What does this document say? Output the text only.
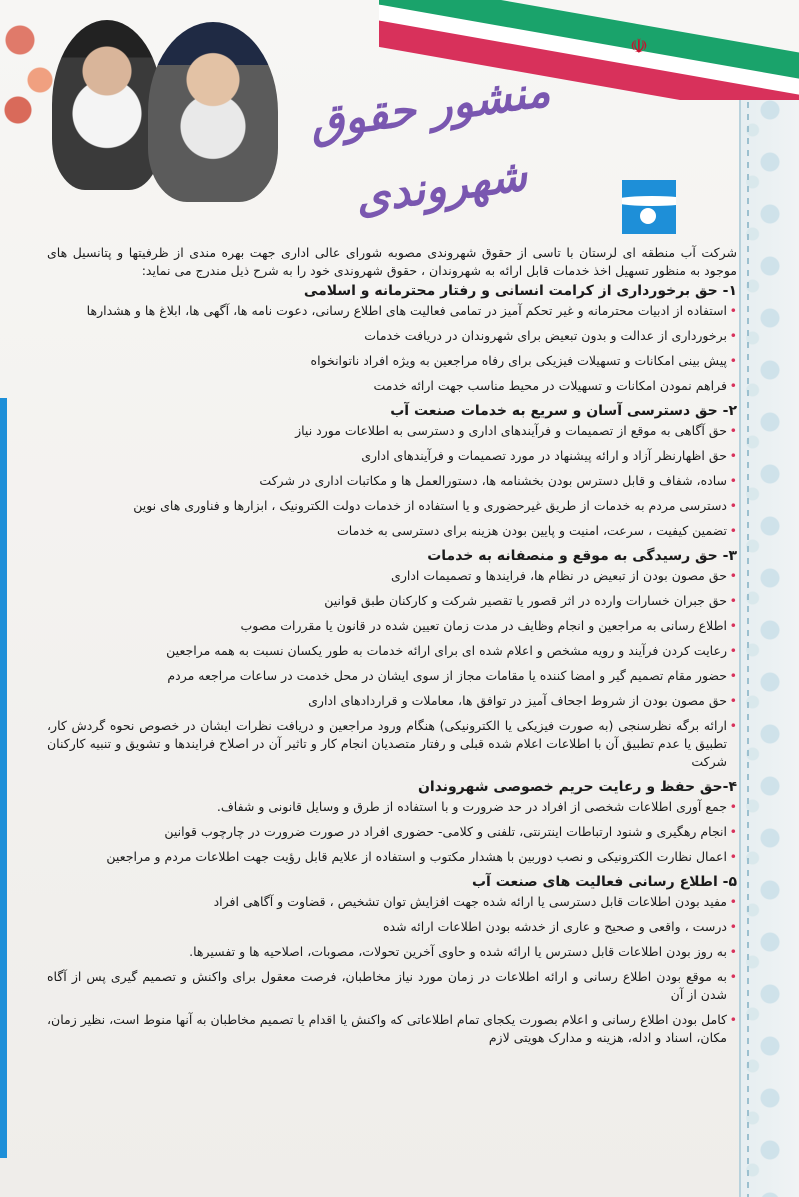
☫
منشور حقوق شهروندی

شرکت آب منطقه ای لرستان با تاسی از حقوق شهروندی مصوبه شورای عالی اداری جهت بهره مندی از ظرفیتها و پتانسیل های موجود به منظور تسهیل اخذ خدمات قابل ارائه به شهروندان ، حقوق شهروندی خود را به شرح ذیل مندرج می نماید:

۱- حق برخورداری از کرامت انسانی و رفتار محترمانه و اسلامی
• استفاده از ادبیات محترمانه و غیر تحکم آمیز در تمامی فعالیت های اطلاع رسانی، دعوت نامه ها، آگهی ها، ابلاغ ها و هشدارها
• برخورداری از عدالت و بدون تبعیض برای شهروندان در دریافت خدمات
• پیش بینی امکانات و تسهیلات فیزیکی برای رفاه مراجعین به ویژه افراد ناتوانخواه
• فراهم نمودن امکانات و تسهیلات در محیط مناسب جهت ارائه خدمت
۲- حق دسترسی آسان و سریع به خدمات صنعت آب
• حق آگاهی به موقع از تصمیمات و فرآیندهای اداری و دسترسی به اطلاعات مورد نیاز
• حق اظهارنظر آزاد و ارائه پیشنهاد در مورد تصمیمات و فرآیندهای اداری
• ساده، شفاف و قابل دسترس بودن بخشنامه ها، دستورالعمل ها و مکاتبات اداری در شرکت
• دسترسی مردم به خدمات از طریق غیرحضوری و یا استفاده از خدمات دولت الکترونیک ، ابزارها و فناوری های نوین
• تضمین کیفیت ، سرعت، امنیت و پایین بودن هزینه برای دسترسی به خدمات
۳- حق رسیدگی به موقع و منصفانه به خدمات
• حق مصون بودن از تبعیض در نظام ها، فرایندها و تصمیمات اداری
• حق جبران خسارات وارده در اثر قصور یا تقصیر شرکت و کارکنان طبق قوانین
• اطلاع رسانی به مراجعین و انجام وظایف در مدت زمان تعیین شده در قانون یا مقررات مصوب
• رعایت کردن فرآیند و رویه مشخص و اعلام شده ای برای ارائه خدمات به طور یکسان نسبت به همه مراجعین
• حضور مقام تصمیم گیر و امضا کننده یا مقامات مجاز از سوی ایشان در محل خدمت در ساعات مراجعه مردم
• حق مصون بودن از شروط اجحاف آمیز در توافق ها، معاملات و قراردادهای اداری
• ارائه برگه نظرسنجی (به صورت فیزیکی یا الکترونیکی) هنگام ورود مراجعین و دریافت نظرات ایشان در خصوص نحوه گردش کار، تطبیق یا عدم تطبیق آن با اطلاعات اعلام شده قبلی و رفتار متصدیان انجام کار و تاثیر آن در اصلاح فرایندها و تشویق و تنبیه کارکنان شرکت
۴-حق حفظ و رعایت حریم خصوصی شهروندان
• جمع آوری اطلاعات شخصی از افراد در حد ضرورت و با استفاده از طرق و وسایل قانونی و شفاف.
• انجام رهگیری و شنود ارتباطات اینترنتی، تلفنی و کلامی- حضوری افراد در صورت ضرورت در چارچوب قوانین
• اعمال نظارت الکترونیکی و نصب دوربین با هشدار مکتوب و استفاده از علایم قابل رؤیت جهت اطلاعات مردم و مراجعین
۵- اطلاع رسانی فعالیت های صنعت آب
• مفید بودن اطلاعات قابل دسترسی یا ارائه شده جهت افزایش توان تشخیص ، قضاوت و آگاهی افراد
• درست ، واقعی و صحیح و عاری از خدشه بودن اطلاعات ارائه شده
• به روز بودن اطلاعات قابل دسترس یا ارائه شده و حاوی آخرین تحولات، مصوبات، اصلاحیه ها و تفسیرها.
• به موقع بودن اطلاع رسانی و ارائه اطلاعات در زمان مورد نیاز مخاطبان، فرصت معقول برای واکنش و تصمیم گیری پس از آگاه شدن از آن
• کامل بودن اطلاع رسانی و اعلام بصورت یکجای تمام اطلاعاتی که واکنش یا اقدام یا تصمیم مخاطبان به آنها منوط است، نظیر زمان، مکان، اسناد و ادله، هزینه و مدارک هویتی لازم
